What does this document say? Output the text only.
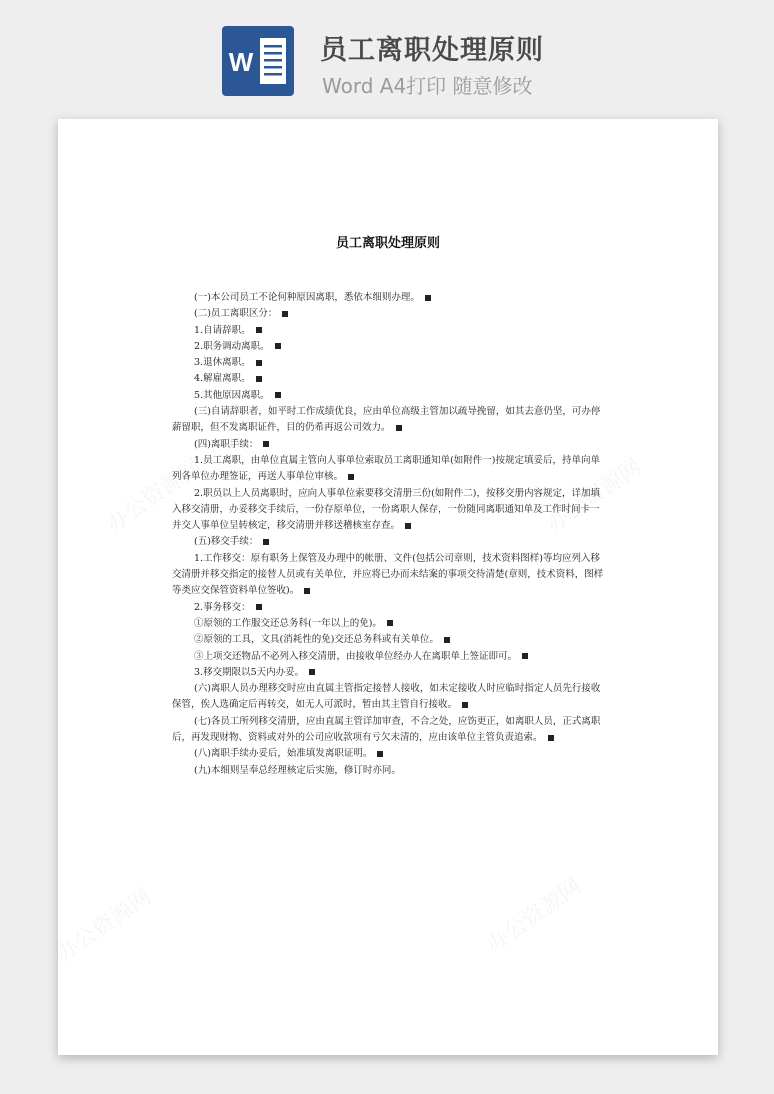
W 员工离职处理原则
Word A4打印 随意修改
员工离职处理原则

(一)本公司员工不论何种原因离职，悉依本细则办理。

(二)员工离职区分：

1.自请辞职。

2.职务调动离职。

3.退休离职。

4.解雇离职。

5.其他原因离职。

(三)自请辞职者，如平时工作成绩优良，应由单位高级主管加以疏导挽留，如其去意仍坚，可办停薪留职，但不发离职证件，目的仍希再返公司效力。

(四)离职手续：

1.员工离职，由单位直属主管向人事单位索取员工离职通知单(如附件一)按规定填妥后，持单向单列各单位办理签证，再送人事单位审核。

2.职员以上人员离职时，应向人事单位索要移交清册三份(如附件二)，按移交册内容规定，详加填入移交清册，办妥移交手续后，一份存原单位，一份离职人保存，一份随同离职通知单及工作时间卡一并交人事单位呈转核定，移交清册并移送稽核室存查。

(五)移交手续：

1.工作移交：原有职务上保管及办理中的帐册、文件(包括公司章则，技术资料图样)等均应列入移交清册并移交指定的接替人员或有关单位，并应将已办而未结案的事项交待清楚(章则，技术资料，图样等类应交保管资料单位签收)。

2.事务移交：

①原领的工作服交还总务科(一年以上的免)。

②原领的工具，文具(消耗性的免)交还总务科或有关单位。

③上项交还物品不必列入移交清册，由接收单位经办人在离职单上签证即可。

3.移交期限以5天内办妥。

(六)离职人员办理移交时应由直属主管指定接替人接收，如未定接收人时应临时指定人员先行接收保管，俟人选确定后再转交，如无人可派时，暂由其主管自行接收。

(七)各员工所列移交清册，应由直属主管详加审查，不合之处，应饬更正，如离职人员，正式离职后，再发现财物、资料或对外的公司应收款项有亏欠未清的，应由该单位主管负责追索。

(八)离职手续办妥后，始准填发离职证明。

(九)本细则呈奉总经理核定后实施，修订时亦同。
